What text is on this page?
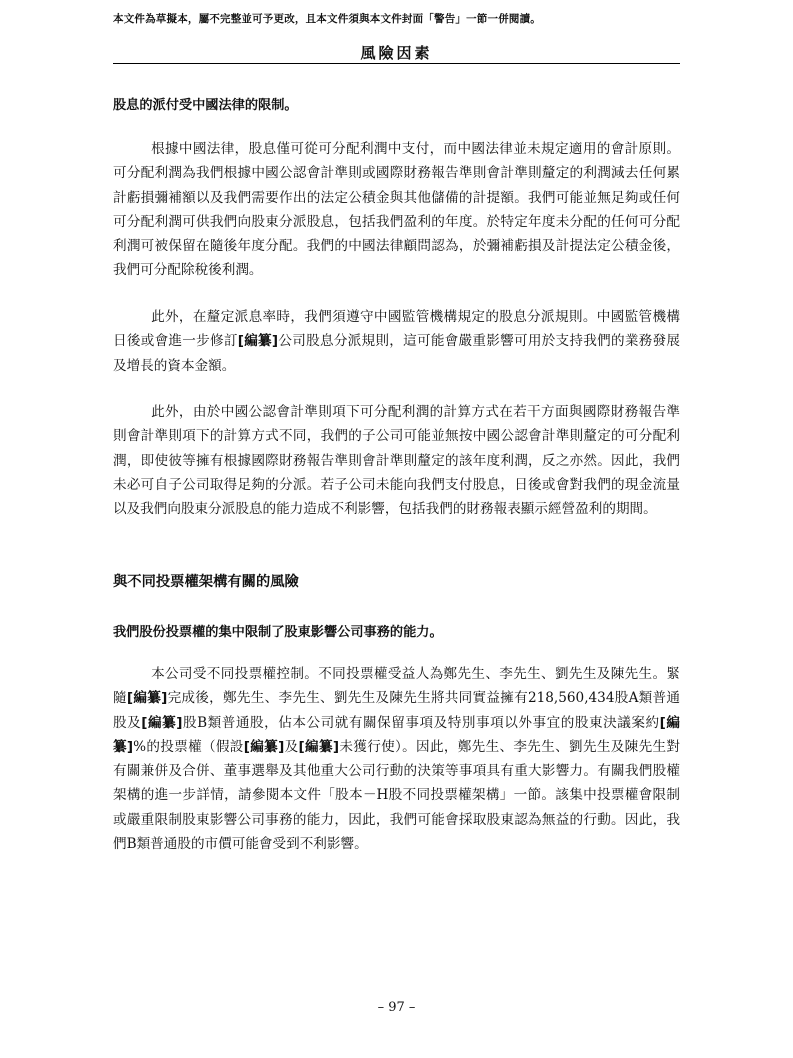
本文件為草擬本，屬不完整並可予更改，且本文件須與本文件封面「警告」一節一併閱讀。
風險因素
股息的派付受中國法律的限制。
根據中國法律，股息僅可從可分配利潤中支付，而中國法律並未規定適用的會計原則。可分配利潤為我們根據中國公認會計準則或國際財務報告準則會計準則釐定的利潤減去任何累計虧損彌補額以及我們需要作出的法定公積金與其他儲備的計提額。我們可能並無足夠或任何可分配利潤可供我們向股東分派股息，包括我們盈利的年度。於特定年度未分配的任何可分配利潤可被保留在隨後年度分配。我們的中國法律顧問認為，於彌補虧損及計提法定公積金後，我們可分配除稅後利潤。
此外，在釐定派息率時，我們須遵守中國監管機構規定的股息分派規則。中國監管機構日後或會進一步修訂[編纂]公司股息分派規則，這可能會嚴重影響可用於支持我們的業務發展及增長的資本金額。
此外，由於中國公認會計準則項下可分配利潤的計算方式在若干方面與國際財務報告準則會計準則項下的計算方式不同，我們的子公司可能並無按中國公認會計準則釐定的可分配利潤，即使彼等擁有根據國際財務報告準則會計準則釐定的該年度利潤，反之亦然。因此，我們未必可自子公司取得足夠的分派。若子公司未能向我們支付股息，日後或會對我們的現金流量以及我們向股東分派股息的能力造成不利影響，包括我們的財務報表顯示經營盈利的期間。
與不同投票權架構有關的風險
我們股份投票權的集中限制了股東影響公司事務的能力。
本公司受不同投票權控制。不同投票權受益人為鄭先生、李先生、劉先生及陳先生。緊隨[編纂]完成後，鄭先生、李先生、劉先生及陳先生將共同實益擁有218,560,434股A類普通股及[編纂]股B類普通股，佔本公司就有關保留事項及特別事項以外事宜的股東決議案約[編纂]%的投票權（假設[編纂]及[編纂]未獲行使）。因此，鄭先生、李先生、劉先生及陳先生對有關兼併及合併、董事選舉及其他重大公司行動的決策等事項具有重大影響力。有關我們股權架構的進一步詳情，請參閱本文件「股本－H股不同投票權架構」一節。該集中投票權會限制或嚴重限制股東影響公司事務的能力，因此，我們可能會採取股東認為無益的行動。因此，我們B類普通股的市價可能會受到不利影響。
– 97 –
